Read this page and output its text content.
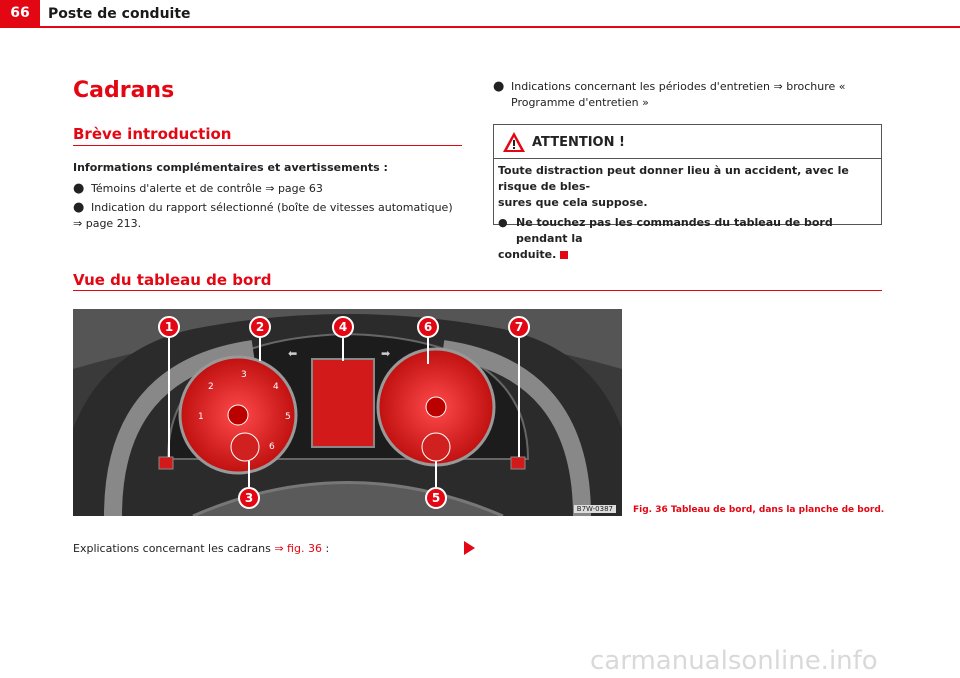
66	Poste de conduite
Cadrans
Brève introduction
Informations complémentaires et avertissements :
● Témoins d'alerte et de contrôle ⇒ page 63
● Indication du rapport sélectionné (boîte de vitesses automatique)
⇒ page 213.
● Indications concernant les périodes d'entretien ⇒ brochure « Programme d'entretien »
ATTENTION !
Toute distraction peut donner lieu à un accident, avec le risque de bles-
sures que cela suppose.
● Ne touchez pas les commandes du tableau de bord pendant la
conduite.
Vue du tableau de bord
3
4
5
6
1
2
⬅	➡
1	2	4	6	7
3	5
B7W-0387	Fig. 36 Tableau de bord, dans la planche de bord.
Explications concernant les cadrans ⇒ fig. 36 :
carmanualsonline.info
